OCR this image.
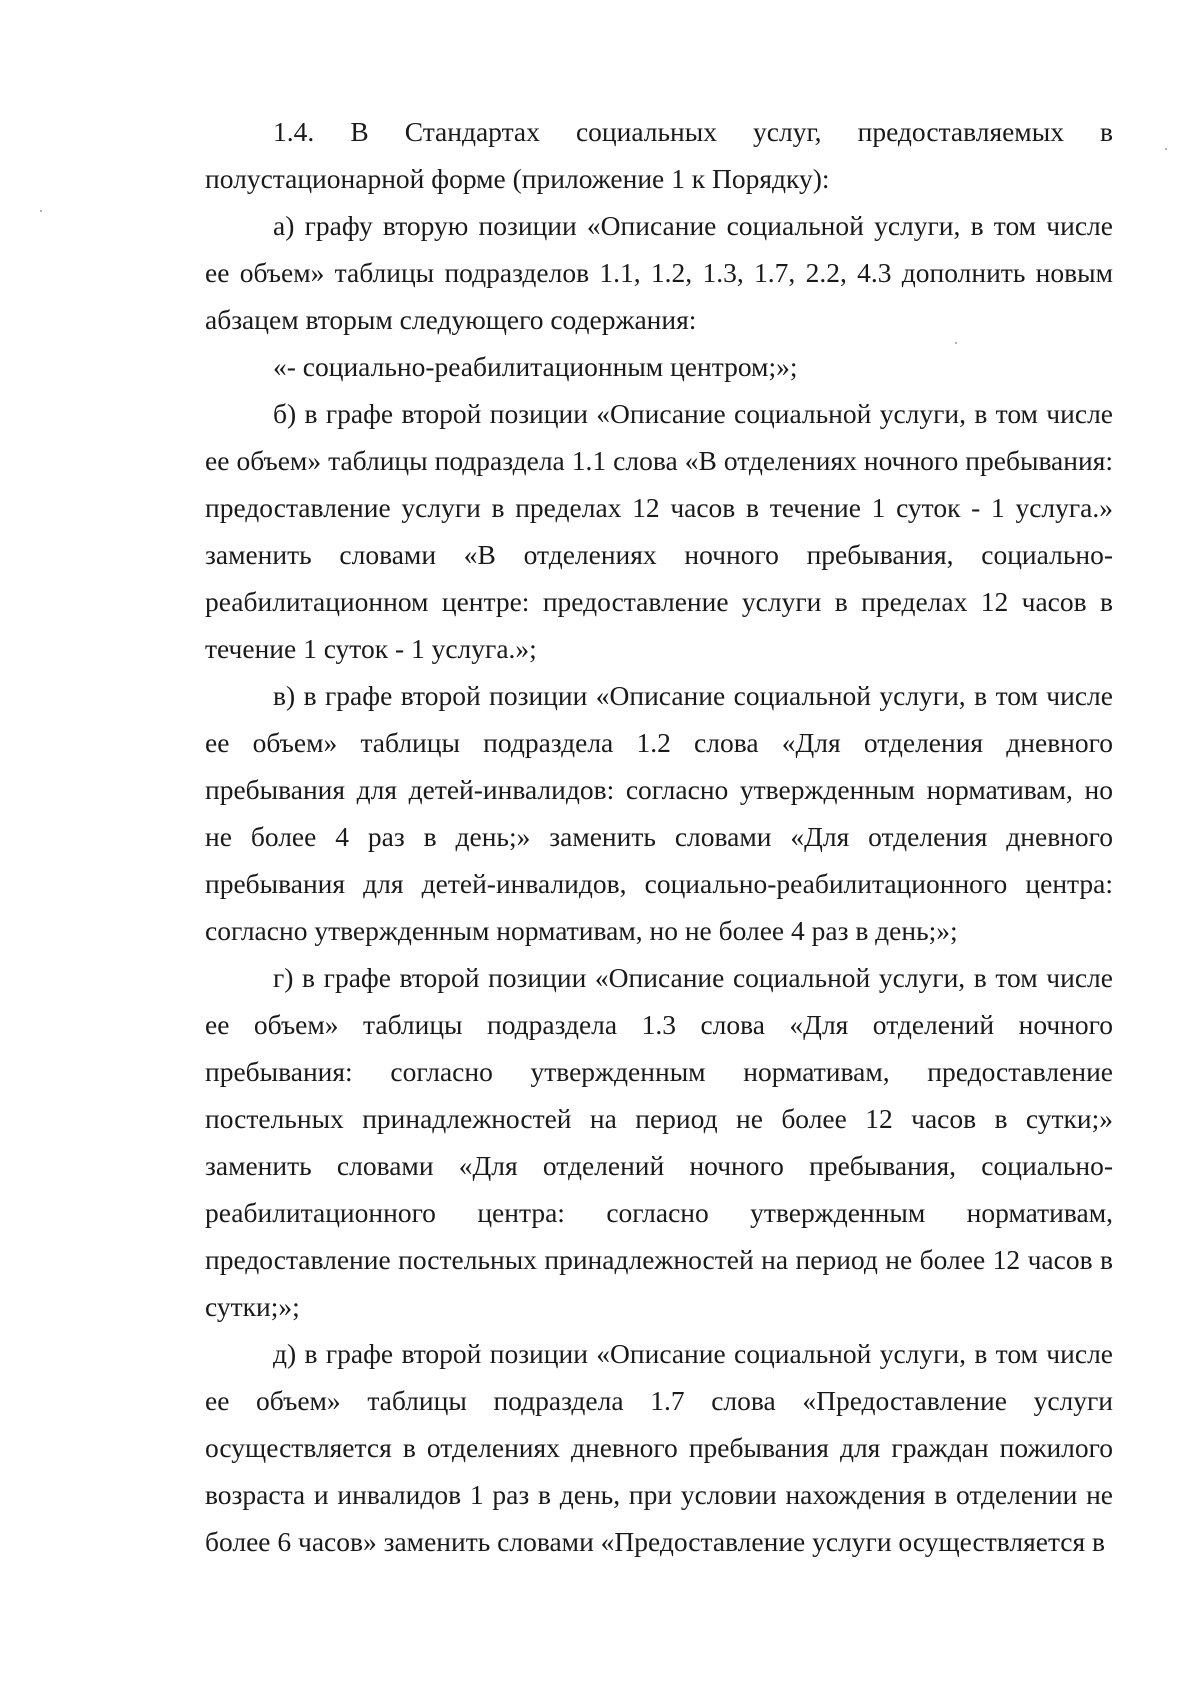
1.4. В Стандартах социальных услуг, предоставляемых в полустационарной форме (приложение 1 к Порядку):

а) графу вторую позиции «Описание социальной услуги, в том числе ее объем» таблицы подразделов 1.1, 1.2, 1.3, 1.7, 2.2, 4.3 дополнить новым абзацем вторым следующего содержания:

«- социально-реабилитационным центром;»;

б) в графе второй позиции «Описание социальной услуги, в том числе ее объем» таблицы подраздела 1.1 слова «В отделениях ночного пребывания: предоставление услуги в пределах 12 часов в течение 1 суток - 1 услуга.» заменить словами «В отделениях ночного пребывания, социально-реабилитационном центре: предоставление услуги в пределах 12 часов в течение 1 суток - 1 услуга.»;

в) в графе второй позиции «Описание социальной услуги, в том числе ее объем» таблицы подраздела 1.2 слова «Для отделения дневного пребывания для детей-инвалидов: согласно утвержденным нормативам, но не более 4 раз в день;» заменить словами «Для отделения дневного пребывания для детей-инвалидов, социально-реабилитационного центра: согласно утвержденным нормативам, но не более 4 раз в день;»;

г) в графе второй позиции «Описание социальной услуги, в том числе ее объем» таблицы подраздела 1.3 слова «Для отделений ночного пребывания: согласно утвержденным нормативам, предоставление постельных принадлежностей на период не более 12 часов в сутки;» заменить словами «Для отделений ночного пребывания, социально-реабилитационного центра: согласно утвержденным нормативам, предоставление постельных принадлежностей на период не более 12 часов в сутки;»;

д) в графе второй позиции «Описание социальной услуги, в том числе ее объем» таблицы подраздела 1.7 слова «Предоставление услуги осуществляется в отделениях дневного пребывания для граждан пожилого возраста и инвалидов 1 раз в день, при условии нахождения в отделении не более 6 часов» заменить словами «Предоставление услуги осуществляется в
